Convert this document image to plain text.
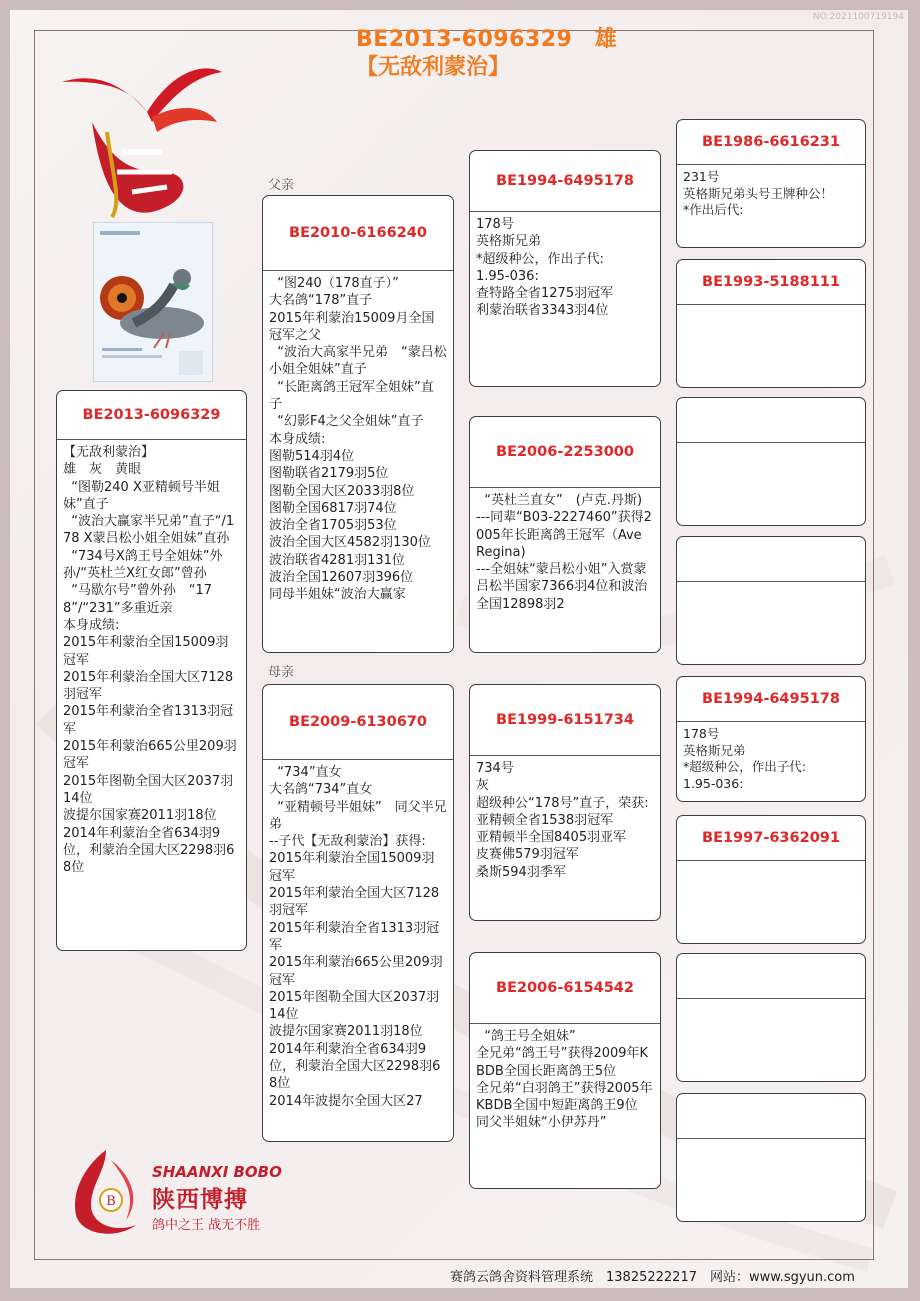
NO:2021100719194
BE2013-6096329　雄
【无敌利蒙治】
父亲
母亲
BE2013-6096329
【无敌利蒙治】
雄　灰　黄眼
“图勒240 X亚精顿号半姐妹”直子
“波治大赢家半兄弟”直子“/178 X蒙吕松小姐全姐妹”直孙
“734号X鸽王号全姐妹”外孙/“英杜兰X红女郎”曾孙
“马歇尔号”曾外孙　“178”/“231”多重近亲
本身成绩:
2015年利蒙治全国15009羽冠军
2015年利蒙治全国大区7128羽冠军
2015年利蒙治全省1313羽冠军
2015年利蒙治665公里209羽冠军
2015年图勒全国大区2037羽14位
波提尔国家赛2011羽18位
2014年利蒙治全省634羽9位，利蒙治全国大区2298羽68位
BE2010-6166240
“图240（178直子）”
大名鸽“178”直子
2015年利蒙治15009月全国冠军之父
“波治大高家半兄弟　“蒙吕松小姐全姐妹”直子
“长距离鸽王冠军全姐妹”直 子
“幻影F4之父全姐妹”直子
本身成绩:
图勒514羽4位
图勒联省2179羽5位
图勒全国大区2033羽8位
图勒全国6817羽74位
波治全省1705羽53位
波治全国大区4582羽130位
波治联省4281羽131位
波治全国12607羽396位
同母半姐妹“波治大赢家
BE2009-6130670
“734”直女
大名鸽“734”直女
“亚精顿号半姐妹”　同父半兄弟
--子代【无敌利蒙治】获得:
2015年利蒙治全国15009羽冠军
2015年利蒙治全国大区7128羽冠军
2015年利蒙治全省1313羽冠军
2015年利蒙治665公里209羽冠军
2015年图勒全国大区2037羽14位
波提尔国家赛2011羽18位
2014年利蒙治全省634羽9位，利蒙治全国大区2298羽68位
2014年波提尔全国大区27
BE1994-6495178
178号
英格斯兄弟
*超级种公，作出子代:
1.95-036:
查特路全省1275羽冠军
利蒙治联省3343羽4位
BE2006-2253000
“英杜兰直女”　(卢克.丹斯)
---同辈“B03-2227460”获得2005年长距离鸽王冠军（Ave Regina)
---全姐妹“蒙吕松小姐”入赏蒙吕松半国家7366羽4位和波治全国12898羽2
BE1999-6151734
734号
灰
超级种公“178号”直子，荣获:
亚精顿全省1538羽冠军
亚精顿半全国8405羽亚军
皮赛佛579羽冠军
桑斯594羽季军
BE2006-6154542
“鸽王号全姐妹”
全兄弟“鸽王号”获得2009年KBDB全国长距离鸽王5位
全兄弟“白羽鸽王”获得2005年KBDB全国中短距离鸽王9位
同父半姐妹“小伊苏丹”
BE1986-6616231
231号
英格斯兄弟头号王牌种公！
*作出后代:
BE1993-5188111
BE1994-6495178
178号
英格斯兄弟
*超级种公，作出子代:
1.95-036:
BE1997-6362091
B
SHAANXI BOBO
陕西博搏
鸽中之王 战无不胜
赛鸽云鸽舍资料管理系统　13825222217　网站：www.sgyun.com
